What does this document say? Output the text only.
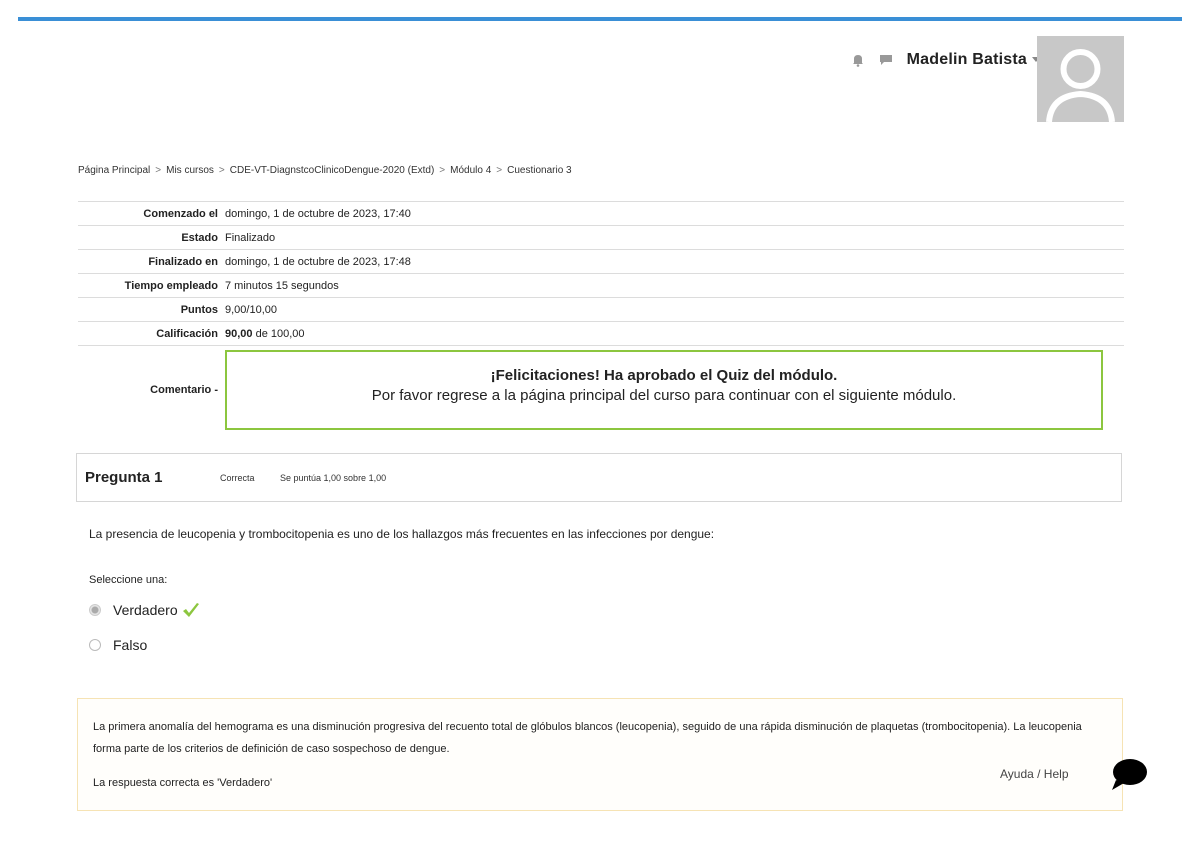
Madelin Batista
Página Principal > Mis cursos > CDE-VT-DiagnstcoClinicoDengue-2020 (Extd) > Módulo 4 > Cuestionario 3
Comenzado el	domingo, 1 de octubre de 2023, 17:40
Estado	Finalizado
Finalizado en	domingo, 1 de octubre de 2023, 17:48
Tiempo empleado	7 minutos 15 segundos
Puntos	9,00/10,00
Calificación	90,00 de 100,00
Comentario -	¡Felicitaciones! Ha aprobado el Quiz del módulo.
Por favor regrese a la página principal del curso para continuar con el siguiente módulo.
Pregunta 1	Correcta	Se puntúa 1,00 sobre 1,00
La presencia de leucopenia y trombocitopenia es uno de los hallazgos más frecuentes en las infecciones por dengue:
Seleccione una:
Verdadero
Falso
La primera anomalía del hemograma es una disminución progresiva del recuento total de glóbulos blancos (leucopenia), seguido de una rápida disminución de plaquetas (trombocitopenia). La leucopenia forma parte de los criterios de definición de caso sospechoso de dengue.
La respuesta correcta es 'Verdadero'
Ayuda / Help
